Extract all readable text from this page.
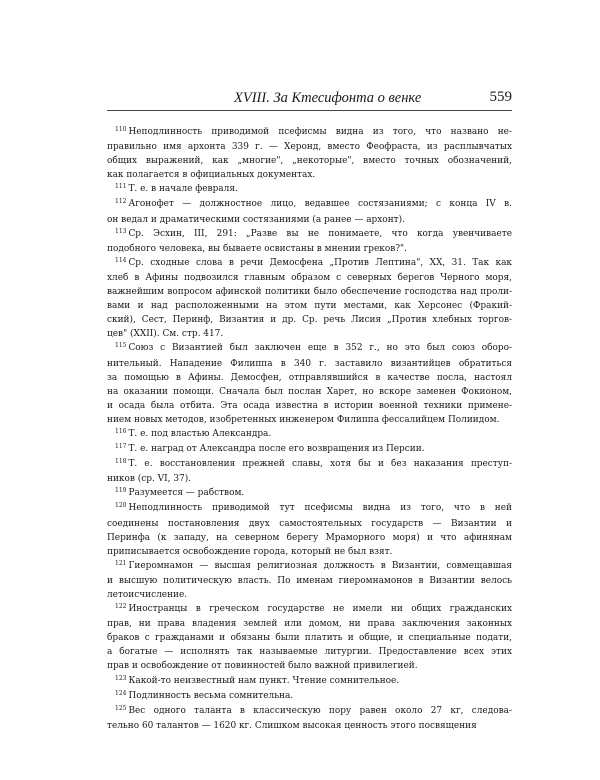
XVIII. За Ктесифонта о венке	559
$^{110}$ Неподлинность приводимой псефисмы видна из того, что названо не-
правильно имя архонта 339 г. — Херонд, вместо Феофраста, из расплывчатых
общих выражений, как „многие", „некоторые", вместо точных обозначений,
как полагается в официальных документах.
$^{111}$ Т. е. в начале февраля.
$^{112}$ Агонофет — должностное лицо, ведавшее состязаниями; с конца IV в.
он ведал и драматическими состязаниями (а ранее — архонт).
$^{113}$ Ср. Эсхин, III, 291: „Разве вы не понимаете, что когда увенчиваете
подобного человека, вы бываете освистаны в мнении греков?".
$^{114}$ Ср. сходные слова в речи Демосфена „Против Лептина", XX, 31. Так как
хлеб в Афины подвозился главным образом с северных берегов Черного моря,
важнейшим вопросом афинской политики было обеспечение господства над проли-
вами и над расположенными на этом пути местами, как Херсонес (Фракий-
ский), Сест, Перинф, Византия и др. Ср. речь Лисия „Против хлебных торгов-
цев" (XXII). См. стр. 417.
$^{115}$ Союз с Византией был заключен еще в 352 г., но это был союз оборо-
нительный. Нападение Филиппа в 340 г. заставило византийцев обратиться
за помощью в Афины. Демосфен, отправлявшийся в качестве посла, настоял
на оказании помощи. Сначала был послан Харет, но вскоре заменен Фокионом,
и осада была отбита. Эта осада известна в истории военной техники примене-
нием новых методов, изобретенных инженером Филиппа фессалийцем Полиидом.
$^{116}$ Т. е. под властью Александра.
$^{117}$ Т. е. наград от Александра после его возвращения из Персии.
$^{118}$ Т. е. восстановления прежней славы, хотя бы и без наказания преступ-
ников (ср. VI, 37).
$^{119}$ Разумеется — рабством.
$^{120}$ Неподлинность приводимой тут псефисмы видна из того, что в ней
соединены постановления двух самостоятельных государств — Византии и
Перинфа (к западу, на северном берегу Мраморного моря) и что афинянам
приписывается освобождение города, который не был взят.
$^{121}$ Гиеромнамон — высшая религиозная должность в Византии, совмещавшая
и высшую политическую власть. По именам гиеромнамонов в Византии велось
летоисчисление.
$^{122}$ Иностранцы в греческом государстве не имели ни общих гражданских
прав, ни права владения землей или домом, ни права заключения законных
браков с гражданами и обязаны были платить и общие, и специальные подати,
а богатые — исполнять так называемые литургии. Предоставление всех этих
прав и освобождение от повинностей было важной привилегией.
$^{123}$ Какой-то неизвестный нам пункт. Чтение сомнительное.
$^{124}$ Подлинность весьма сомнительна.
$^{125}$ Вес одного таланта в классическую пору равен около 27 кг, следова-
тельно 60 талантов — 1620 кг. Слишком высокая ценность этого посвящения
